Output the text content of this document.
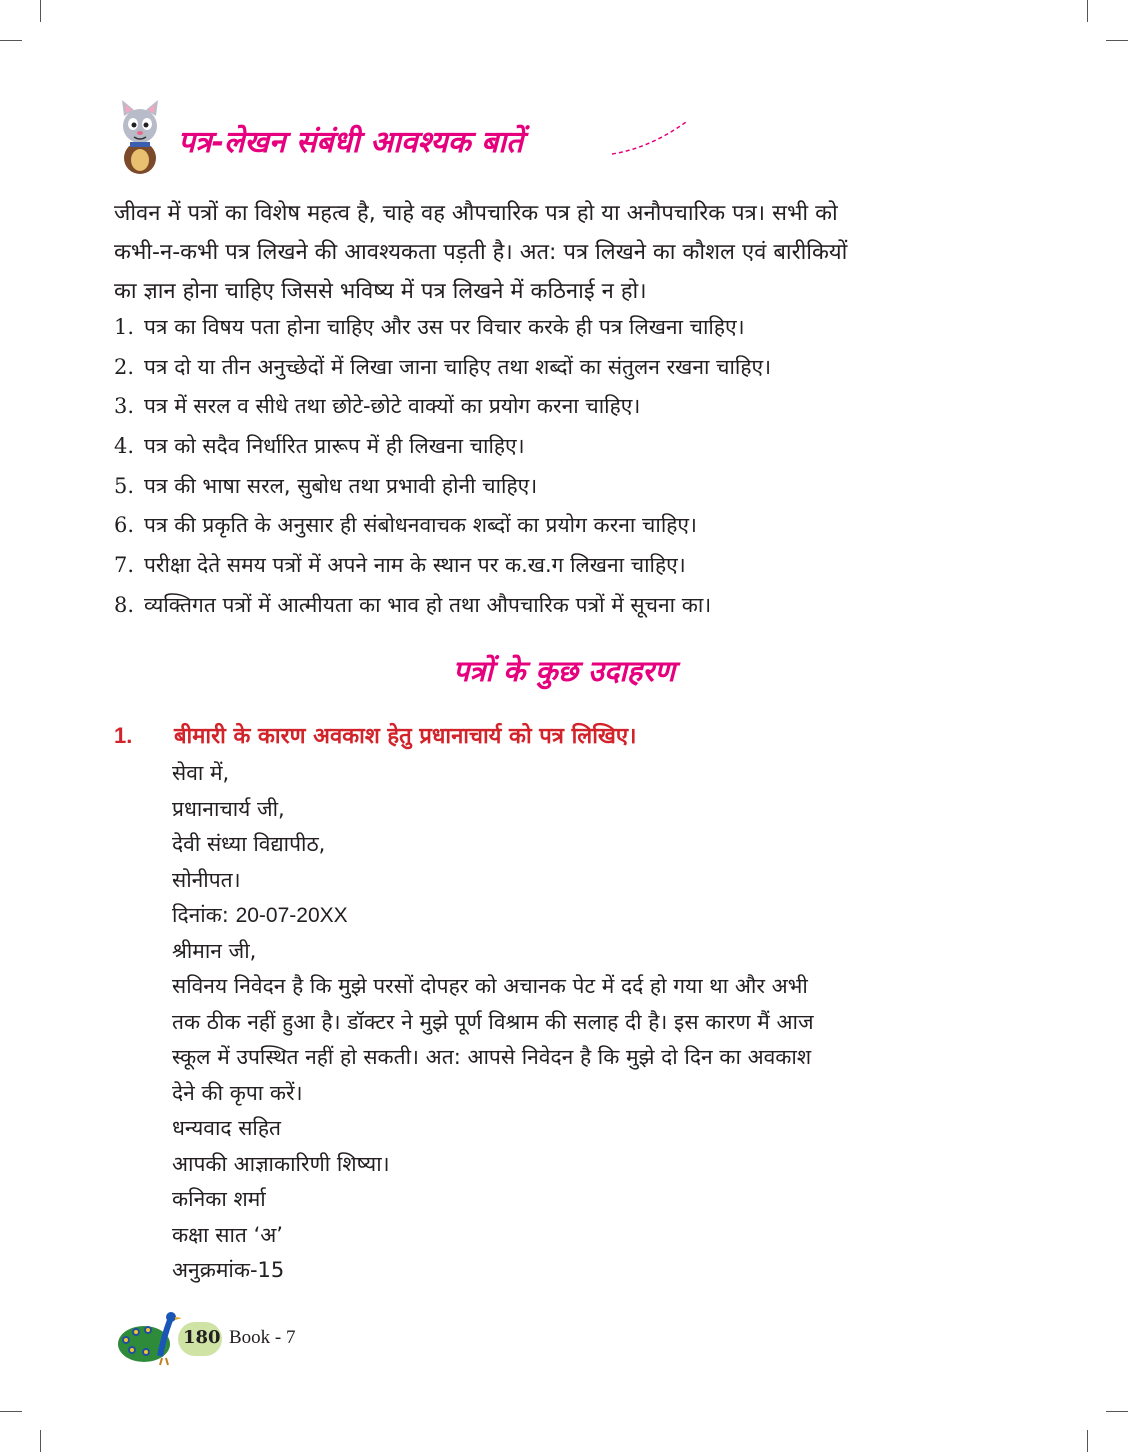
पत्र-लेखन संबंधी आवश्यक बातें
जीवन में पत्रों का विशेष महत्व है, चाहे वह औपचारिक पत्र हो या अनौपचारिक पत्र। सभी को
कभी-न-कभी पत्र लिखने की आवश्यकता पड़ती है। अत: पत्र लिखने का कौशल एवं बारीकियों
का ज्ञान होना चाहिए जिससे भविष्य में पत्र लिखने में कठिनाई न हो।
1. पत्र का विषय पता होना चाहिए और उस पर विचार करके ही पत्र लिखना चाहिए।
2. पत्र दो या तीन अनुच्छेदों में लिखा जाना चाहिए तथा शब्दों का संतुलन रखना चाहिए।
3. पत्र में सरल व सीधे तथा छोटे-छोटे वाक्यों का प्रयोग करना चाहिए।
4. पत्र को सदैव निर्धारित प्रारूप में ही लिखना चाहिए।
5. पत्र की भाषा सरल, सुबोध तथा प्रभावी होनी चाहिए।
6. पत्र की प्रकृति के अनुसार ही संबोधनवाचक शब्दों का प्रयोग करना चाहिए।
7. परीक्षा देते समय पत्रों में अपने नाम के स्थान पर क.ख.ग लिखना चाहिए।
8. व्यक्तिगत पत्रों में आत्मीयता का भाव हो तथा औपचारिक पत्रों में सूचना का।
पत्रों के कुछ उदाहरण
1. बीमारी के कारण अवकाश हेतु प्रधानाचार्य को पत्र लिखिए।
सेवा में,
प्रधानाचार्य जी,
देवी संध्या विद्यापीठ,
सोनीपत।
दिनांक: 20-07-20XX
श्रीमान जी,
सविनय निवेदन है कि मुझे परसों दोपहर को अचानक पेट में दर्द हो गया था और अभी
तक ठीक नहीं हुआ है। डॉक्टर ने मुझे पूर्ण विश्राम की सलाह दी है। इस कारण मैं आज
स्कूल में उपस्थित नहीं हो सकती। अत: आपसे निवेदन है कि मुझे दो दिन का अवकाश
देने की कृपा करें।
धन्यवाद सहित
आपकी आज्ञाकारिणी शिष्या।
कनिका शर्मा
कक्षा सात ‘अ’
अनुक्रमांक-15
180 Book - 7
